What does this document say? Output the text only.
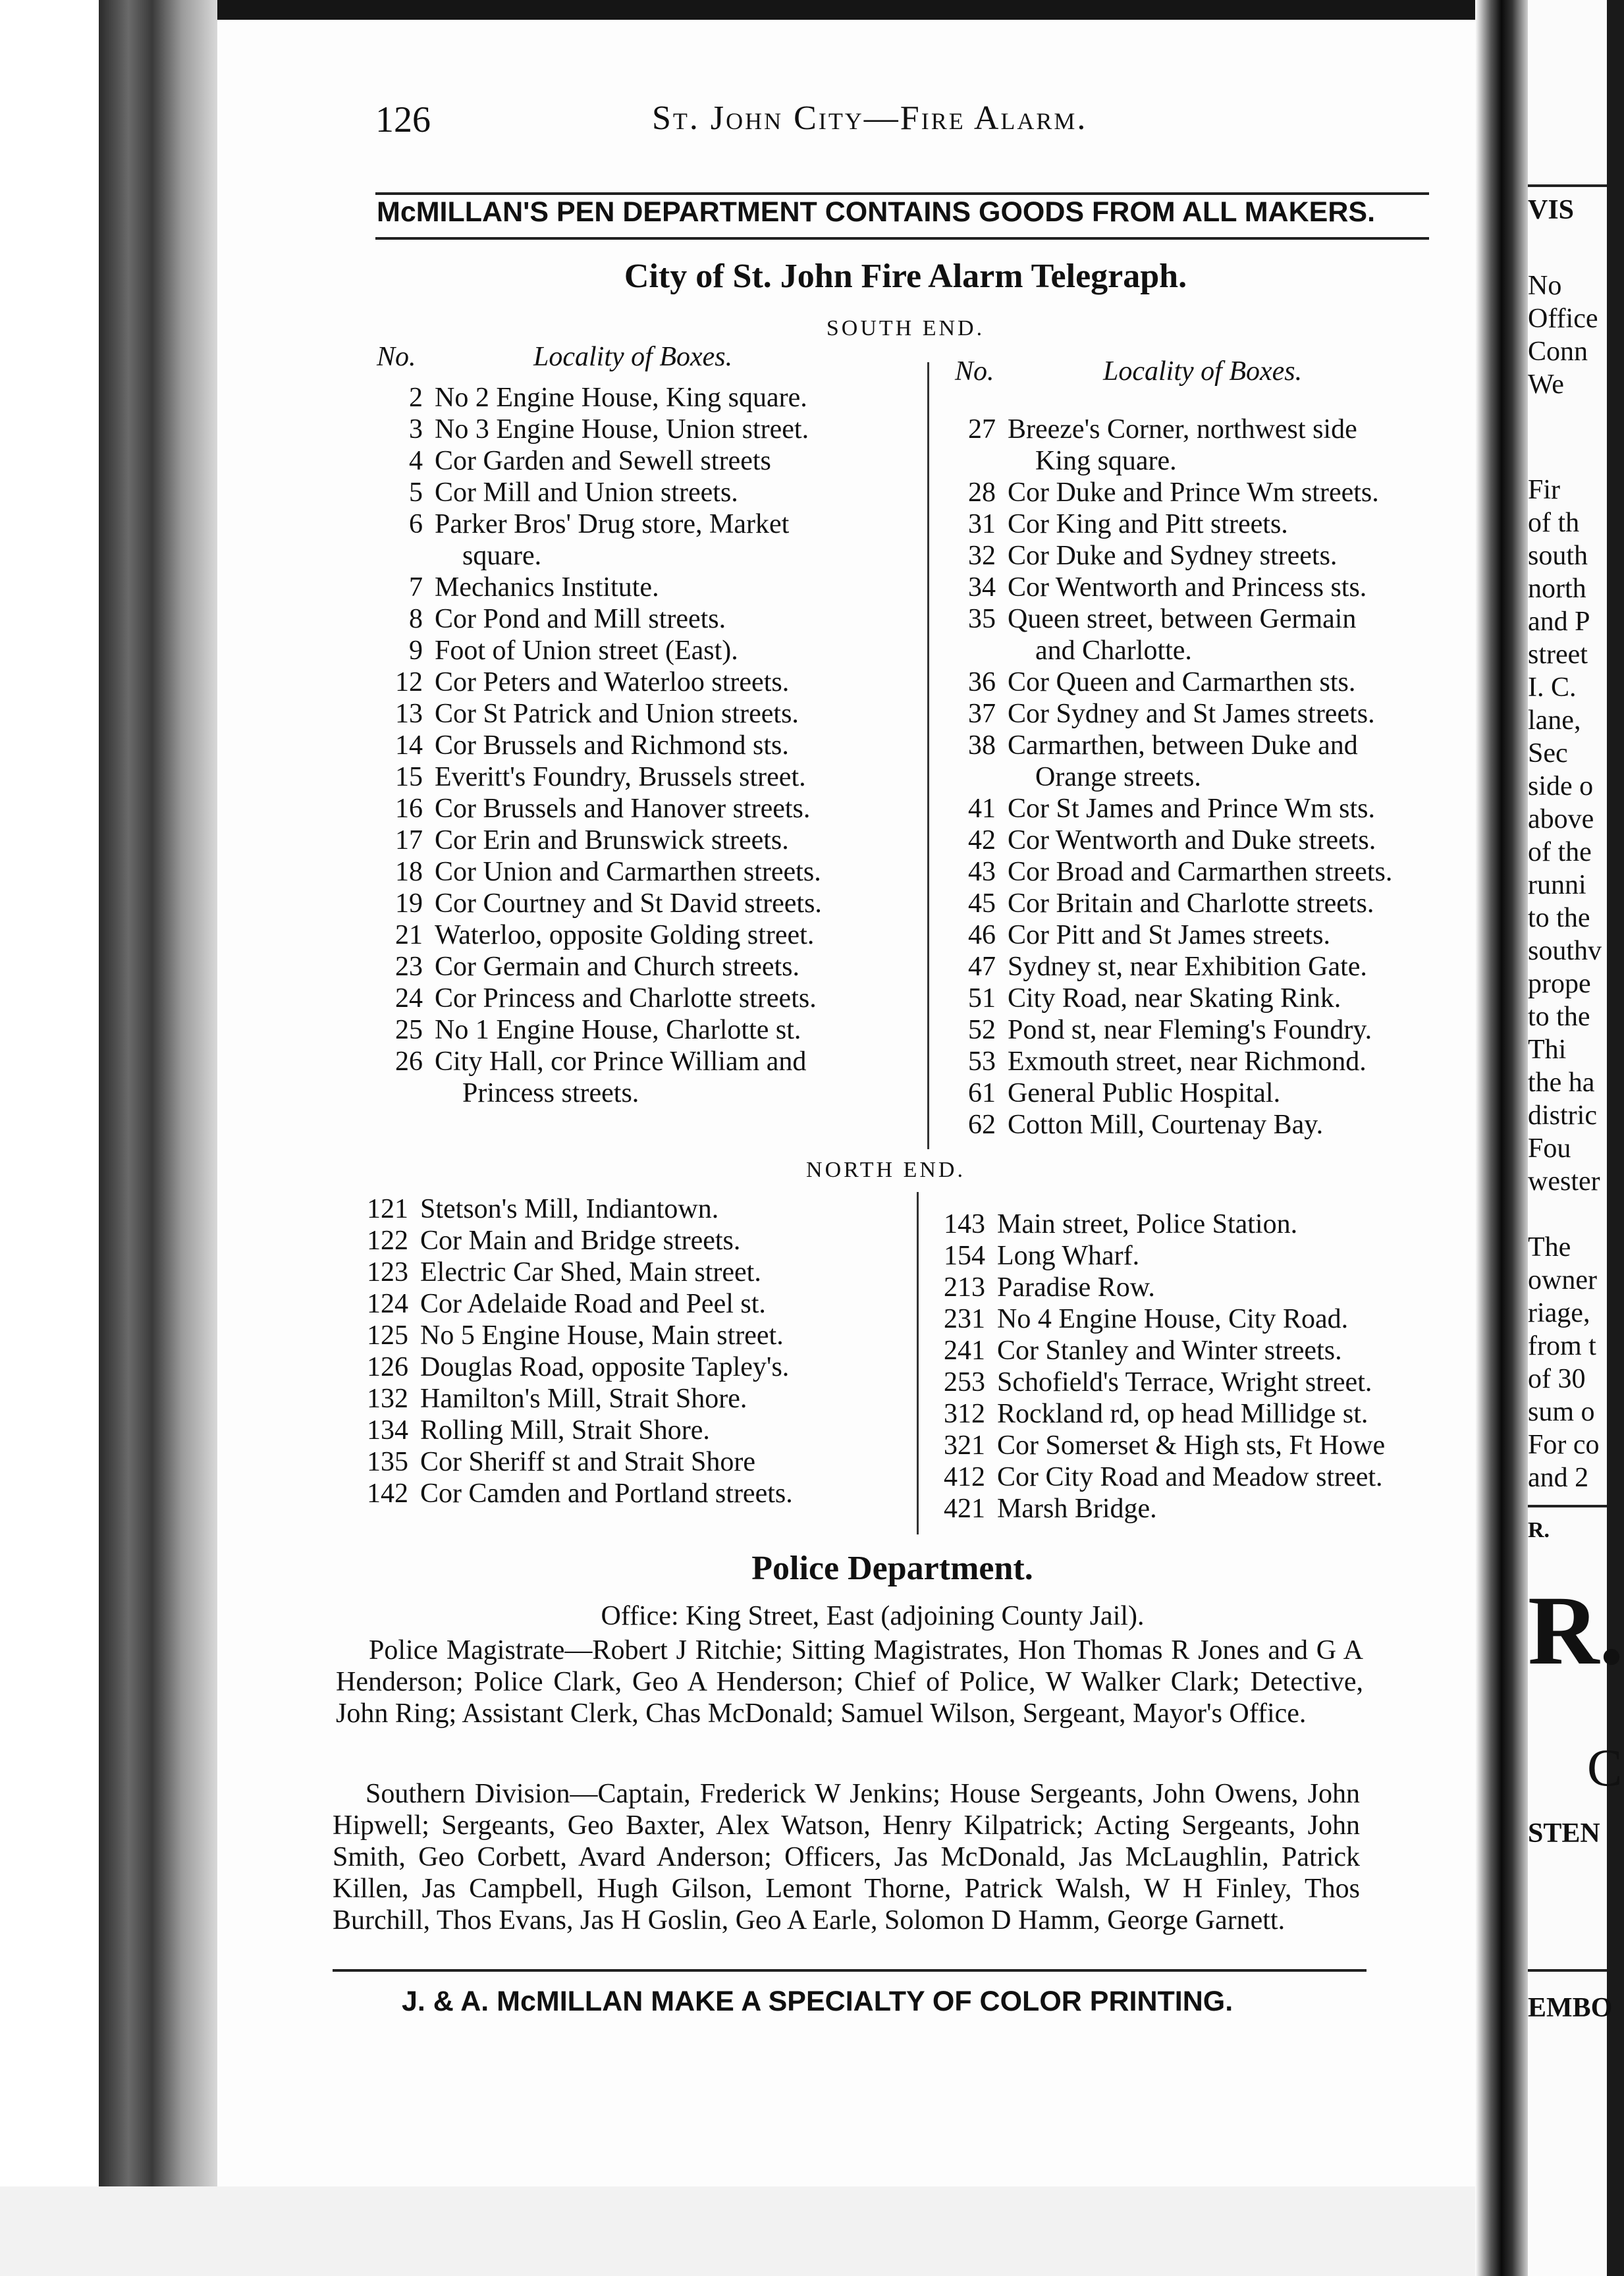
VIS
No
Office
Conn
We
Fir
of th
south
north
and P
street
I. C.
lane,
Sec
side o
above
of the
runni
to the
southv
prope
to the
Thi
the ha
distric
Fou
wester
The
owner
riage,
from t
of 30
sum o
For co
and 2
R.
R.
C
STEN
EMBO
126	St. John City—Fire Alarm.
McMILLAN'S PEN DEPARTMENT CONTAINS GOODS FROM ALL MAKERS.
City of St. John Fire Alarm Telegraph.
SOUTH END.
No.	Locality of Boxes.	No.	Locality of Boxes.
2 No 2 Engine House, King square.
3 No 3 Engine House, Union street.
4 Cor Garden and Sewell streets
5 Cor Mill and Union streets.
6 Parker Bros' Drug store, Market
square.
7 Mechanics Institute.
8 Cor Pond and Mill streets.
9 Foot of Union street (East).
12 Cor Peters and Waterloo streets.
13 Cor St Patrick and Union streets.
14 Cor Brussels and Richmond sts.
15 Everitt's Foundry, Brussels street.
16 Cor Brussels and Hanover streets.
17 Cor Erin and Brunswick streets.
18 Cor Union and Carmarthen streets.
19 Cor Courtney and St David streets.
21 Waterloo, opposite Golding street.
23 Cor Germain and Church streets.
24 Cor Princess and Charlotte streets.
25 No 1 Engine House, Charlotte st.
26 City Hall, cor Prince William and
Princess streets.
27 Breeze's Corner, northwest side
King square.
28 Cor Duke and Prince Wm streets.
31 Cor King and Pitt streets.
32 Cor Duke and Sydney streets.
34 Cor Wentworth and Princess sts.
35 Queen street, between Germain
and Charlotte.
36 Cor Queen and Carmarthen sts.
37 Cor Sydney and St James streets.
38 Carmarthen, between Duke and
Orange streets.
41 Cor St James and Prince Wm sts.
42 Cor Wentworth and Duke streets.
43 Cor Broad and Carmarthen streets.
45 Cor Britain and Charlotte streets.
46 Cor Pitt and St James streets.
47 Sydney st, near Exhibition Gate.
51 City Road, near Skating Rink.
52 Pond st, near Fleming's Foundry.
53 Exmouth street, near Richmond.
61 General Public Hospital.
62 Cotton Mill, Courtenay Bay.
NORTH END.
121 Stetson's Mill, Indiantown.
122 Cor Main and Bridge streets.
123 Electric Car Shed, Main street.
124 Cor Adelaide Road and Peel st.
125 No 5 Engine House, Main street.
126 Douglas Road, opposite Tapley's.
132 Hamilton's Mill, Strait Shore.
134 Rolling Mill, Strait Shore.
135 Cor Sheriff st and Strait Shore
142 Cor Camden and Portland streets.
143 Main street, Police Station.
154 Long Wharf.
213 Paradise Row.
231 No 4 Engine House, City Road.
241 Cor Stanley and Winter streets.
253 Schofield's Terrace, Wright street.
312 Rockland rd, op head Millidge st.
321 Cor Somerset & High sts, Ft Howe
412 Cor City Road and Meadow street.
421 Marsh Bridge.
Police Department.
Office: King Street, East (adjoining County Jail).
Police Magistrate—Robert J Ritchie; Sitting Magistrates, Hon Thomas R Jones and G A Henderson; Police Clark, Geo A Henderson; Chief of Police, W Walker Clark; Detective, John Ring; Assistant Clerk, Chas McDonald; Samuel Wilson, Sergeant, Mayor's Office.
Southern Division—Captain, Frederick W Jenkins; House Sergeants, John Owens, John Hipwell; Sergeants, Geo Baxter, Alex Watson, Henry Kilpatrick; Acting Sergeants, John Smith, Geo Corbett, Avard Anderson; Officers, Jas McDonald, Jas McLaughlin, Patrick Killen, Jas Campbell, Hugh Gilson, Lemont Thorne, Patrick Walsh, W H Finley, Thos Burchill, Thos Evans, Jas H Goslin, Geo A Earle, Solomon D Hamm, George Garnett.
J. & A. McMILLAN MAKE A SPECIALTY OF COLOR PRINTING.
